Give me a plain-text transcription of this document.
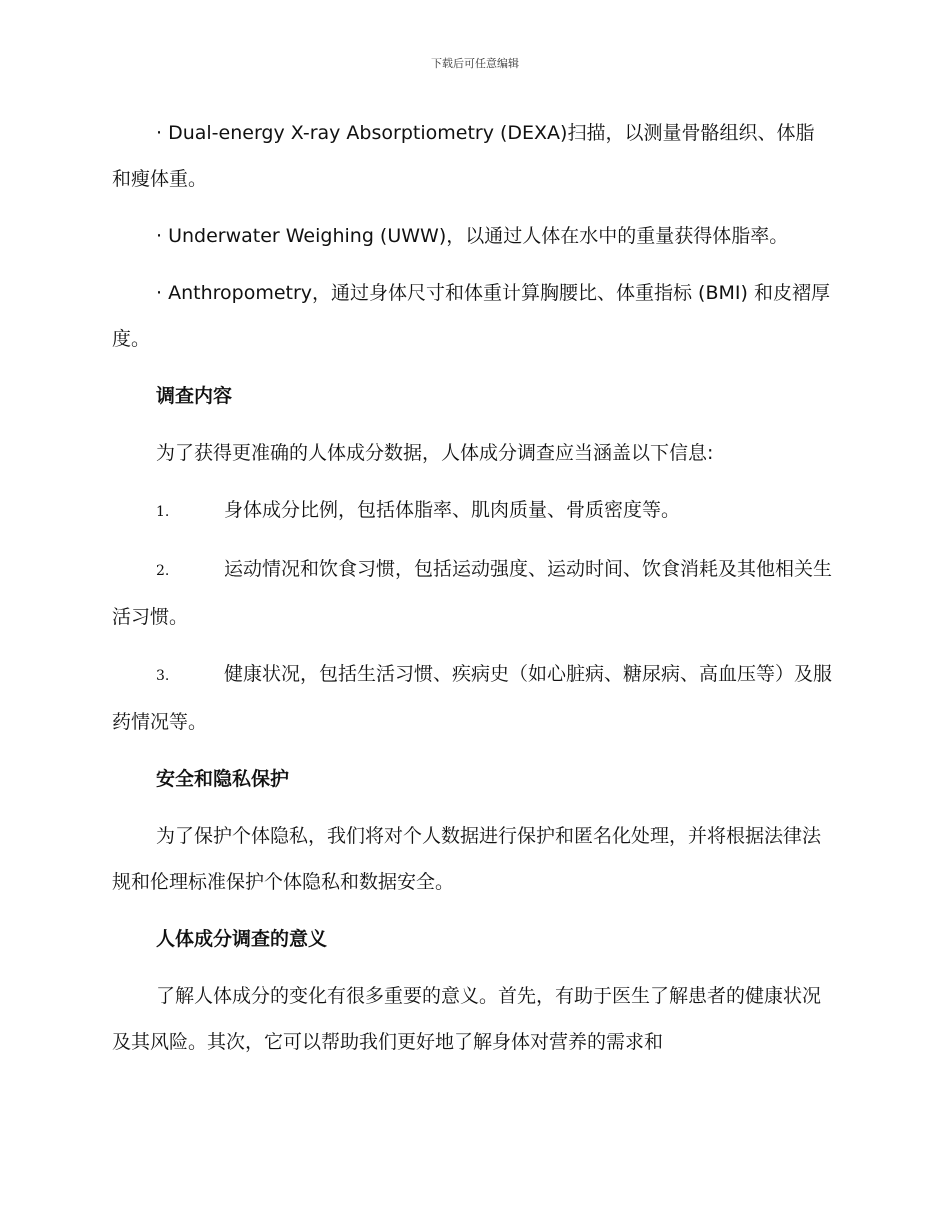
下载后可任意编辑

· Dual-energy X-ray Absorptiometry (DEXA)扫描，以测量骨骼组织、体脂和瘦体重。

· Underwater Weighing (UWW)，以通过人体在水中的重量获得体脂率。

· Anthropometry，通过身体尺寸和体重计算胸腰比、体重指标 (BMI) 和皮褶厚度。

调查内容

为了获得更准确的人体成分数据，人体成分调查应当涵盖以下信息:

1.	身体成分比例，包括体脂率、肌肉质量、骨质密度等。

2.	运动情况和饮食习惯，包括运动强度、运动时间、饮食消耗及其他相关生活习惯。

3.	健康状况，包括生活习惯、疾病史（如心脏病、糖尿病、高血压等）及服药情况等。

安全和隐私保护

为了保护个体隐私，我们将对个人数据进行保护和匿名化处理，并将根据法律法规和伦理标准保护个体隐私和数据安全。

人体成分调查的意义

了解人体成分的变化有很多重要的意义。首先，有助于医生了解患者的健康状况及其风险。其次，它可以帮助我们更好地了解身体对营养的需求和
